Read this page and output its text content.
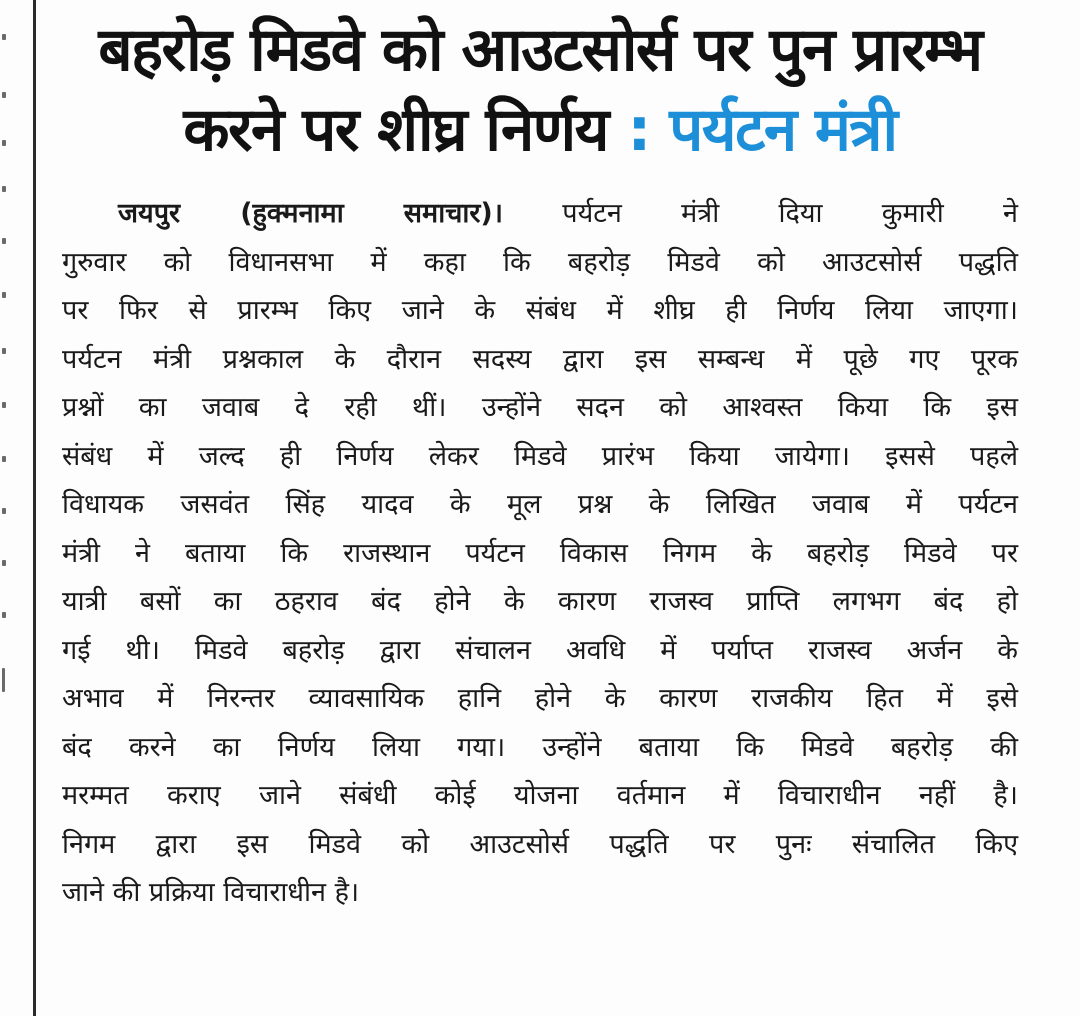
बहरोड़ मिडवे को आउटसोर्स पर पुन प्रारम्भ
करने पर शीघ्र निर्णय : पर्यटन मंत्री
जयपुर (हुक्मनामा समाचार)। पर्यटन मंत्री दिया कुमारी ने
गुरुवार को विधानसभा में कहा कि बहरोड़ मिडवे को आउटसोर्स पद्धति
पर फिर से प्रारम्भ किए जाने के संबंध में शीघ्र ही निर्णय लिया जाएगा।
पर्यटन मंत्री प्रश्नकाल के दौरान सदस्य द्वारा इस सम्बन्ध में पूछे गए पूरक
प्रश्नों का जवाब दे रही थीं। उन्होंने सदन को आश्वस्त किया कि इस
संबंध में जल्द ही निर्णय लेकर मिडवे प्रारंभ किया जायेगा। इससे पहले
विधायक जसवंत सिंह यादव के मूल प्रश्न के लिखित जवाब में पर्यटन
मंत्री ने बताया कि राजस्थान पर्यटन विकास निगम के बहरोड़ मिडवे पर
यात्री बसों का ठहराव बंद होने के कारण राजस्व प्राप्ति लगभग बंद हो
गई थी। मिडवे बहरोड़ द्वारा संचालन अवधि में पर्याप्त राजस्व अर्जन के
अभाव में निरन्तर व्यावसायिक हानि होने के कारण राजकीय हित में इसे
बंद करने का निर्णय लिया गया। उन्होंने बताया कि मिडवे बहरोड़ की
मरम्मत कराए जाने संबंधी कोई योजना वर्तमान में विचाराधीन नहीं है।
निगम द्वारा इस मिडवे को आउटसोर्स पद्धति पर पुनः संचालित किए
जाने की प्रक्रिया विचाराधीन है।
